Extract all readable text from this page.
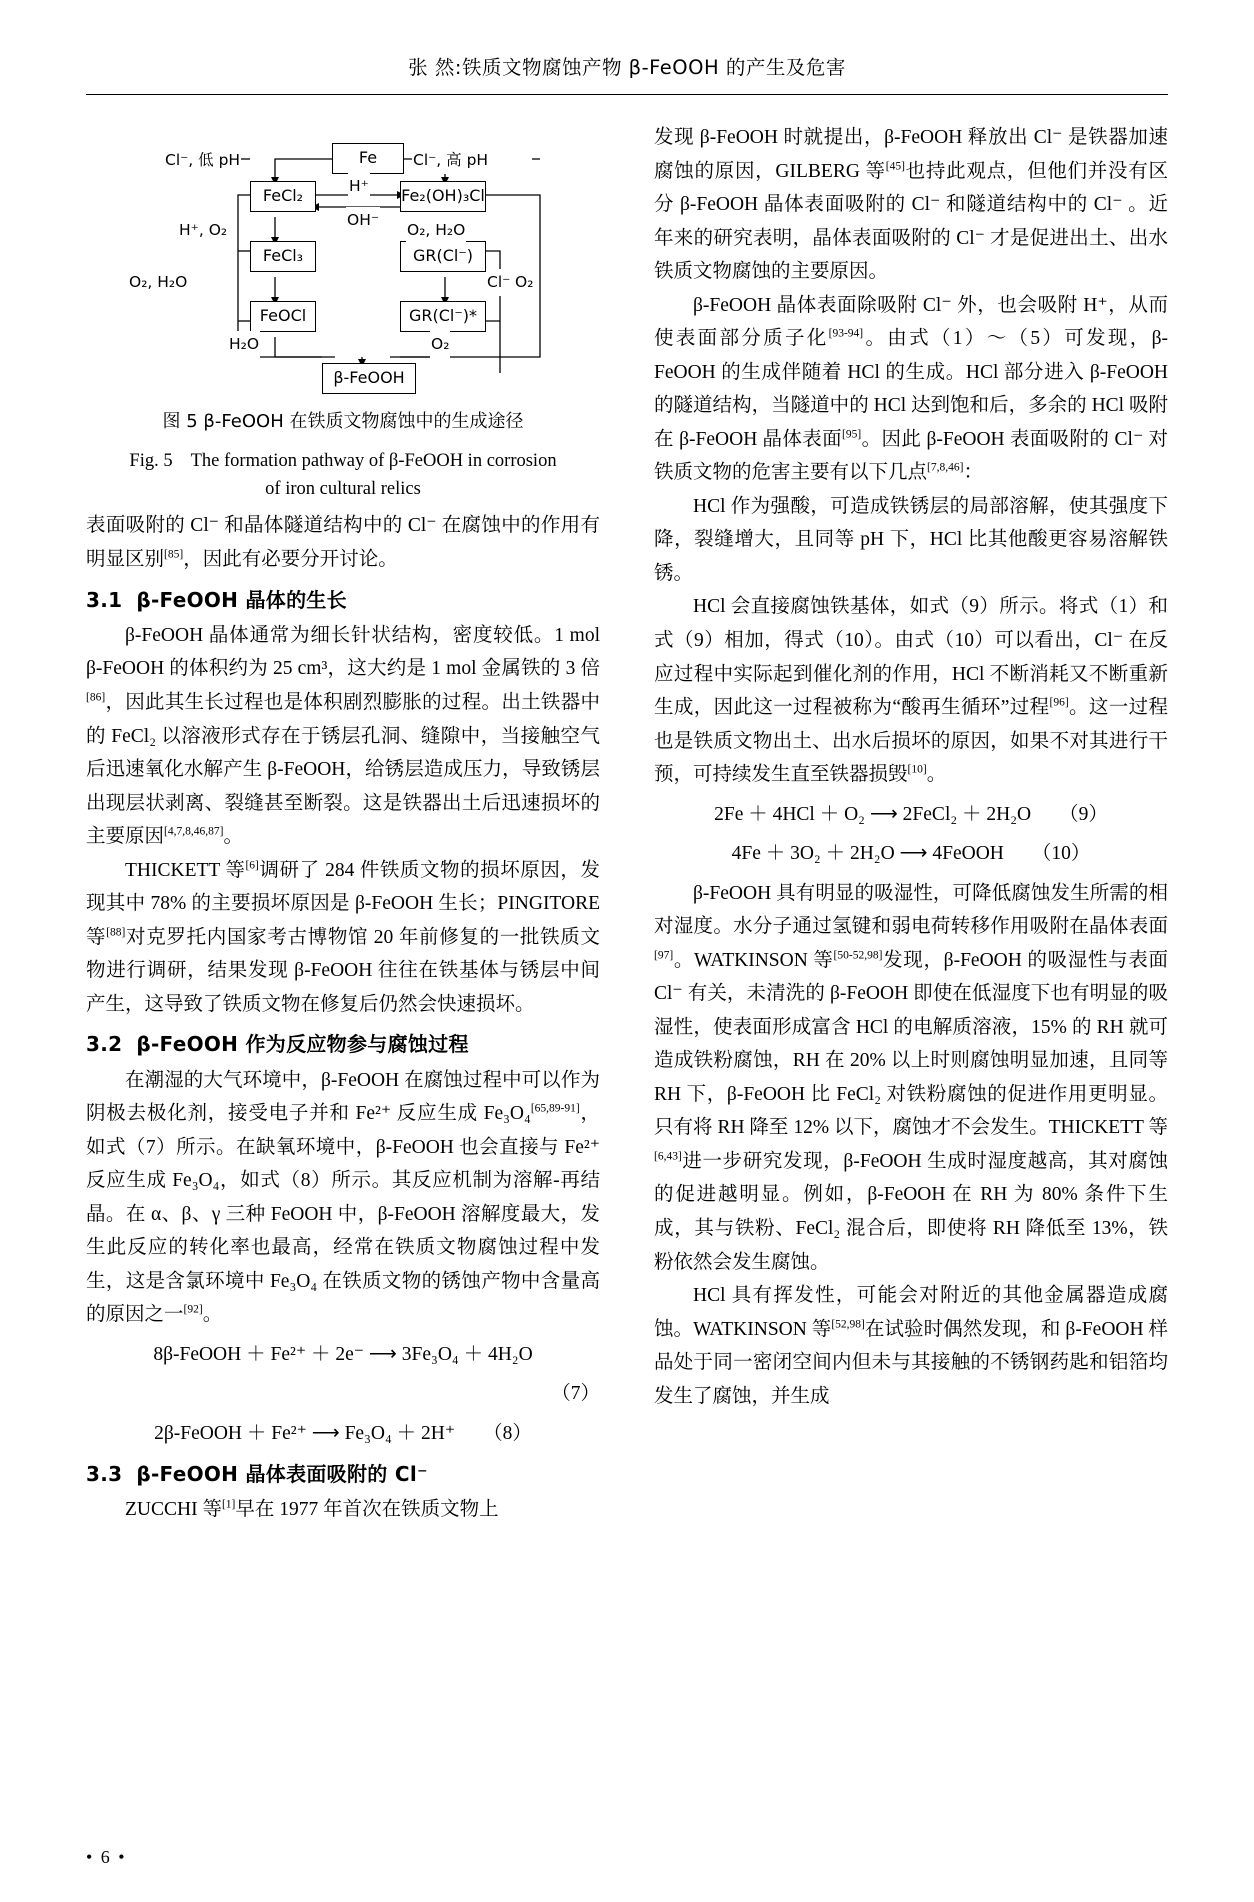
张 然:铁质文物腐蚀产物 β-FeOOH 的产生及危害
Fe
FeCl₂	Fe₂(OH)₃Cl
FeCl₃	GR(Cl⁻)
FeOCl	GR(Cl⁻)*
β-FeOOH
Cl⁻, 低 pH	Cl⁻, 高 pH
H⁺
OH⁻
H⁺, O₂	O₂, H₂O
O₂, H₂O	Cl⁻ O₂
H₂O	O₂
图 5 β-FeOOH 在铁质文物腐蚀中的生成途径
Fig. 5 The formation pathway of β-FeOOH in corrosion
of iron cultural relics

表面吸附的 Cl⁻ 和晶体隧道结构中的 Cl⁻ 在腐蚀中的作用有明显区别[85]，因此有必要分开讨论。

3.1 β-FeOOH 晶体的生长

β-FeOOH 晶体通常为细长针状结构，密度较低。1 mol β-FeOOH 的体积约为 25 cm³，这大约是 1 mol 金属铁的 3 倍[86]，因此其生长过程也是体积剧烈膨胀的过程。出土铁器中的 FeCl₂ 以溶液形式存在于锈层孔洞、缝隙中，当接触空气后迅速氧化水解产生 β-FeOOH，给锈层造成压力，导致锈层出现层状剥离、裂缝甚至断裂。这是铁器出土后迅速损坏的主要原因[4,7,8,46,87]。

THICKETT 等[6]调研了 284 件铁质文物的损坏原因，发现其中 78% 的主要损坏原因是 β-FeOOH 生长；PINGITORE 等[88]对克罗托内国家考古博物馆 20 年前修复的一批铁质文物进行调研，结果发现 β-FeOOH 往往在铁基体与锈层中间产生，这导致了铁质文物在修复后仍然会快速损坏。

3.2 β-FeOOH 作为反应物参与腐蚀过程

在潮湿的大气环境中，β-FeOOH 在腐蚀过程中可以作为阴极去极化剂，接受电子并和 Fe²⁺ 反应生成 Fe₃O₄[65,89-91]，如式（7）所示。在缺氧环境中，β-FeOOH 也会直接与 Fe²⁺ 反应生成 Fe₃O₄，如式（8）所示。其反应机制为溶解-再结晶。在 α、β、γ 三种 FeOOH 中，β-FeOOH 溶解度最大，发生此反应的转化率也最高，经常在铁质文物腐蚀过程中发生，这是含氯环境中 Fe₃O₄ 在铁质文物的锈蚀产物中含量高的原因之一[92]。

8β-FeOOH ＋ Fe²⁺ ＋ 2e⁻ ⟶ 3Fe₃O₄ ＋ 4H₂O
（7）
2β-FeOOH ＋ Fe²⁺ ⟶ Fe₃O₄ ＋ 2H⁺ （8）
3.3 β-FeOOH 晶体表面吸附的 Cl⁻

ZUCCHI 等[1]早在 1977 年首次在铁质文物上

发现 β-FeOOH 时就提出，β-FeOOH 释放出 Cl⁻ 是铁器加速腐蚀的原因，GILBERG 等[45]也持此观点，但他们并没有区分 β-FeOOH 晶体表面吸附的 Cl⁻ 和隧道结构中的 Cl⁻ 。近年来的研究表明，晶体表面吸附的 Cl⁻ 才是促进出土、出水铁质文物腐蚀的主要原因。

β-FeOOH 晶体表面除吸附 Cl⁻ 外，也会吸附 H⁺，从而使表面部分质子化[93-94]。由式（1）～（5）可发现，β-FeOOH 的生成伴随着 HCl 的生成。HCl 部分进入 β-FeOOH 的隧道结构，当隧道中的 HCl 达到饱和后，多余的 HCl 吸附在 β-FeOOH 晶体表面[95]。因此 β-FeOOH 表面吸附的 Cl⁻ 对铁质文物的危害主要有以下几点[7,8,46]：

HCl 作为强酸，可造成铁锈层的局部溶解，使其强度下降，裂缝增大，且同等 pH 下，HCl 比其他酸更容易溶解铁锈。

HCl 会直接腐蚀铁基体，如式（9）所示。将式（1）和式（9）相加，得式（10）。由式（10）可以看出，Cl⁻ 在反应过程中实际起到催化剂的作用，HCl 不断消耗又不断重新生成，因此这一过程被称为“酸再生循环”过程[96]。这一过程也是铁质文物出土、出水后损坏的原因，如果不对其进行干预，可持续发生直至铁器损毁[10]。

2Fe ＋ 4HCl ＋ O₂ ⟶ 2FeCl₂ ＋ 2H₂O （9）
4Fe ＋ 3O₂ ＋ 2H₂O ⟶ 4FeOOH （10）

β-FeOOH 具有明显的吸湿性，可降低腐蚀发生所需的相对湿度。水分子通过氢键和弱电荷转移作用吸附在晶体表面[97]。WATKINSON 等[50-52,98]发现，β-FeOOH 的吸湿性与表面 Cl⁻ 有关，未清洗的 β-FeOOH 即使在低湿度下也有明显的吸湿性，使表面形成富含 HCl 的电解质溶液，15% 的 RH 就可造成铁粉腐蚀，RH 在 20% 以上时则腐蚀明显加速，且同等 RH 下，β-FeOOH 比 FeCl₂ 对铁粉腐蚀的促进作用更明显。只有将 RH 降至 12% 以下，腐蚀才不会发生。THICKETT 等[6,43]进一步研究发现，β-FeOOH 生成时湿度越高，其对腐蚀的促进越明显。例如，β-FeOOH 在 RH 为 80% 条件下生成，其与铁粉、FeCl₂ 混合后，即使将 RH 降低至 13%，铁粉依然会发生腐蚀。

HCl 具有挥发性，可能会对附近的其他金属器造成腐蚀。WATKINSON 等[52,98]在试验时偶然发现，和 β-FeOOH 样品处于同一密闭空间内但未与其接触的不锈钢药匙和铝箔均发生了腐蚀，并生成

• 6 •
